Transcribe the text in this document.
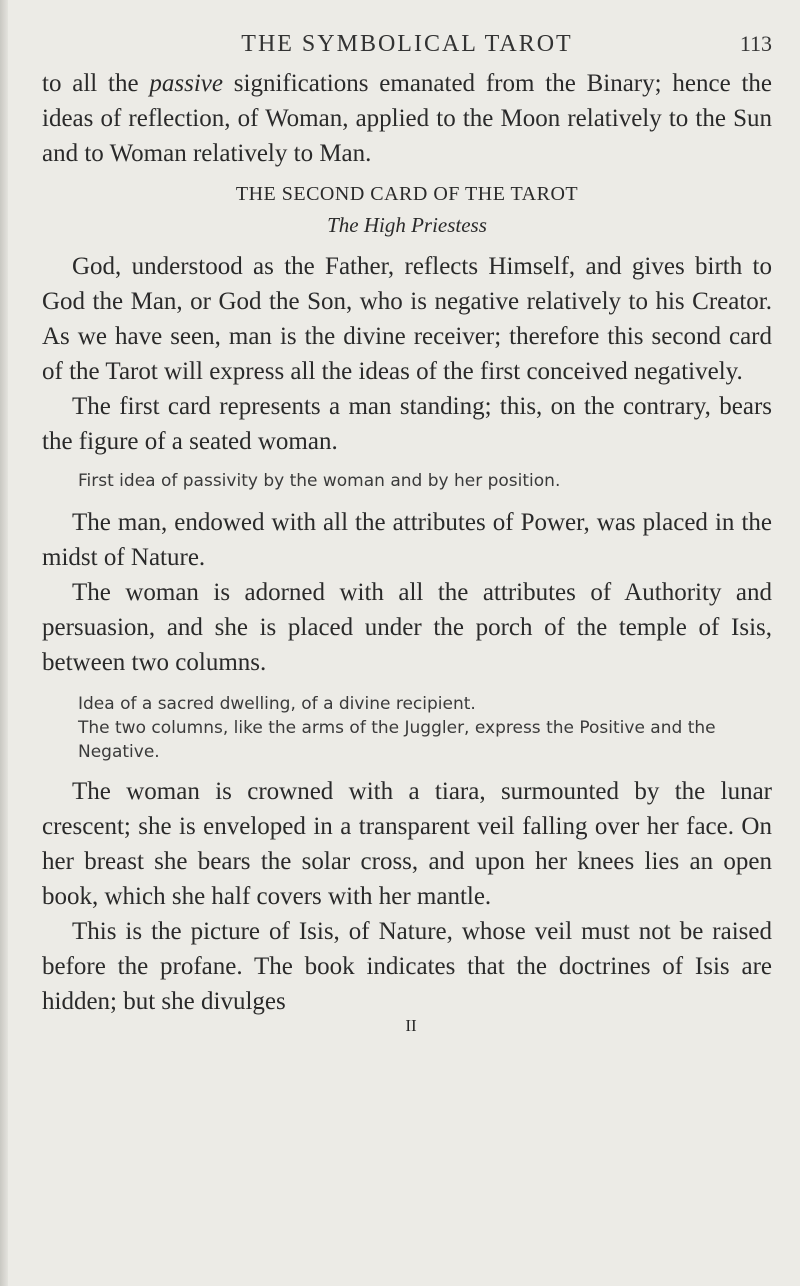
THE SYMBOLICAL TAROT	113

to all the passive significations emanated from the Binary; hence the ideas of reflection, of Woman, applied to the Moon relatively to the Sun and to Woman relatively to Man.

THE SECOND CARD OF THE TAROT
The High Priestess

God, understood as the Father, reflects Himself, and gives birth to God the Man, or God the Son, who is negative relatively to his Creator. As we have seen, man is the divine receiver; therefore this second card of the Tarot will express all the ideas of the first conceived negatively.

The first card represents a man standing; this, on the contrary, bears the figure of a seated woman.

First idea of passivity by the woman and by her position.

The man, endowed with all the attributes of Power, was placed in the midst of Nature.

The woman is adorned with all the attributes of Authority and persuasion, and she is placed under the porch of the temple of Isis, between two columns.

Idea of a sacred dwelling, of a divine recipient.
The two columns, like the arms of the Juggler, express the Positive and the Negative.

The woman is crowned with a tiara, surmounted by the lunar crescent; she is enveloped in a transparent veil falling over her face. On her breast she bears the solar cross, and upon her knees lies an open book, which she half covers with her mantle.

This is the picture of Isis, of Nature, whose veil must not be raised before the profane. The book indicates that the doctrines of Isis are hidden; but she divulges

II
